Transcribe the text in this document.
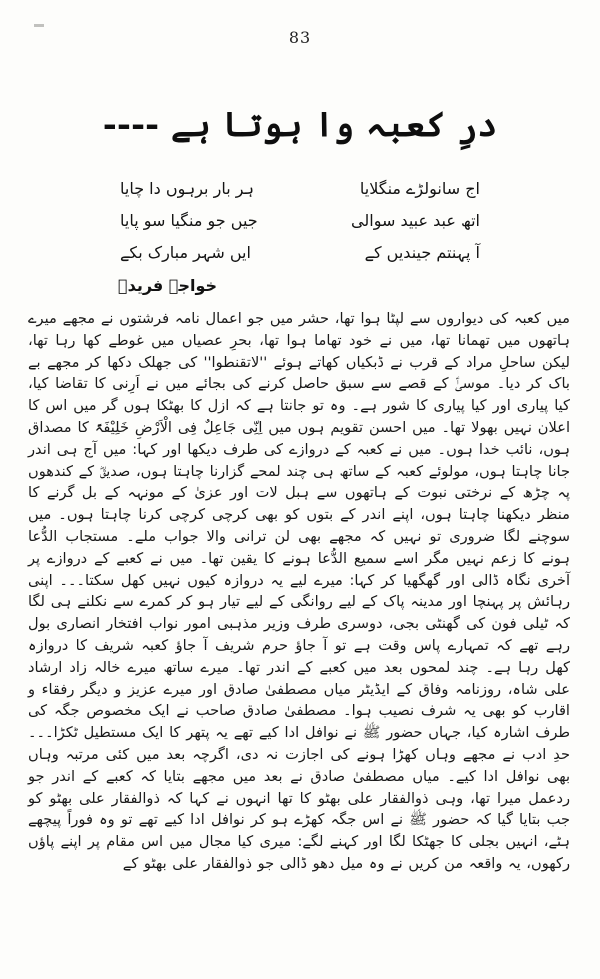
83
درِ کعبہ وا ہوتا ہے ----
اج سانولڑے منگلایا
ہر بار برہوں دا چایا
اتھ عبد عبید سوالی
جیں جو منگیا سو پایا
آ پہنتم جیندیں کے
ایں شہر مبارک بکے
خواجہ فریدؒ

میں کعبہ کی دیواروں سے لپٹا ہوا تھا، حشر میں جو اعمال نامہ فرشتوں نے مجھے میرے ہاتھوں میں تھمانا تھا، میں نے خود تھاما ہوا تھا، بحرِ عصیاں میں غوطے کھا رہا تھا، لیکن ساحلِ مراد کے قرب نے ڈبکیاں کھاتے ہوئے ''لاتقنطوا'' کی جھلک دکھا کر مجھے بے باک کر دیا۔ موسیٰؑ کے قصے سے سبق حاصل کرنے کی بجائے میں نے اَرِنی کا تقاضا کیا، کیا پیاری اور کیا پیاری کا شور ہے۔ وہ تو جانتا ہے کہ ازل کا بھٹکا ہوں گر میں اس کا اعلان نہیں بھولا تھا۔ میں احسن تقویم ہوں میں اِنِّی جَاعِلٌ فِی الْاَرْضِ خَلِیْفَۃً کا مصداق ہوں، نائب خدا ہوں۔ میں نے کعبہ کے دروازے کی طرف دیکھا اور کہا: میں آج ہی اندر جانا چاہتا ہوں، مولوئے کعبہ کے ساتھ ہی چند لمحے گزارنا چاہتا ہوں، صدیقؓ کے کندھوں پہ چڑھ کے نرختی نبوت کے ہاتھوں سے ہبل لات اور عزیٰ کے مونہہ کے بل گرنے کا منظر دیکھنا چاہتا ہوں، اپنے اندر کے بتوں کو بھی کرچی کرچی کرنا چاہتا ہوں۔ میں سوچنے لگا ضروری تو نہیں کہ مجھے بھی لن ترانی والا جواب ملے۔ مستجاب الدُّعا ہونے کا زعم نہیں مگر اسے سمیع الدُّعا ہونے کا یقین تھا۔ میں نے کعبے کے دروازے پر آخری نگاہ ڈالی اور گھگھیا کر کہا: میرے لیے یہ دروازہ کیوں نہیں کھل سکتا۔۔۔ اپنی رہائش پر پہنچا اور مدینہ پاک کے لیے روانگی کے لیے تیار ہو کر کمرے سے نکلنے ہی لگا کہ ٹیلی فون کی گھنٹی بجی، دوسری طرف وزیر مذہبی امور نواب افتخار انصاری بول رہے تھے کہ تمہارے پاس وقت ہے تو آ جاؤ حرم شریف آ جاؤ کعبہ شریف کا دروازہ کھل رہا ہے۔ چند لمحوں بعد میں کعبے کے اندر تھا۔ میرے ساتھ میرے خالہ زاد ارشاد علی شاہ، روزنامہ وفاق کے ایڈیٹر میاں مصطفیٰ صادق اور میرے عزیز و دیگر رفقاء و اقارب کو بھی یہ شرف نصیب ہوا۔ مصطفیٰ صادق صاحب نے ایک مخصوص جگہ کی طرف اشارہ کیا، جہاں حضور ﷺ نے نوافل ادا کیے تھے یہ پتھر کا ایک مستطیل ٹکڑا۔۔۔ حدِ ادب نے مجھے وہاں کھڑا ہونے کی اجازت نہ دی، اگرچہ بعد میں کئی مرتبہ وہاں بھی نوافل ادا کیے۔ میاں مصطفیٰ صادق نے بعد میں مجھے بتایا کہ کعبے کے اندر جو ردعمل میرا تھا، وہی ذوالفقار علی بھٹو کا تھا انہوں نے کہا کہ ذوالفقار علی بھٹو کو جب بتایا گیا کہ حضور ﷺ نے اس جگہ کھڑے ہو کر نوافل ادا کیے تھے تو وہ فوراً پیچھے ہٹے، انہیں بجلی کا جھٹکا لگا اور کہنے لگے: میری کیا مجال میں اس مقام پر اپنے پاؤں رکھوں، یہ واقعہ من کریں نے وہ میل دھو ڈالی جو ذوالفقار علی بھٹو کے
